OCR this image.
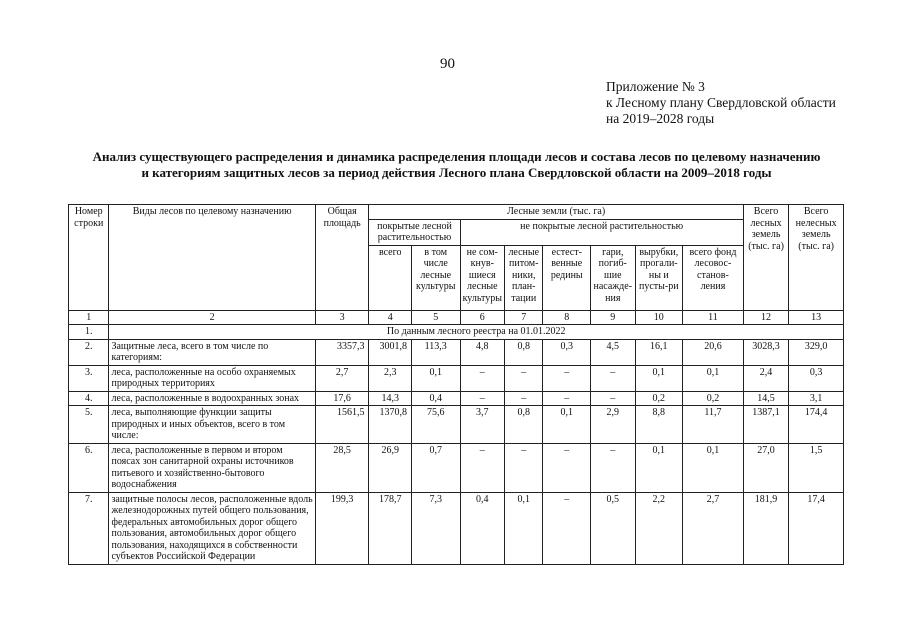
90
Приложение № 3
к Лесному плану Свердловской области
на 2019–2028 годы
Анализ существующего распределения и динамика распределения площади лесов и состава лесов по целевому назначению
и категориям защитных лесов за период действия Лесного плана Свердловской области на 2009–2018 годы
Номер строки	Виды лесов по целевому назначению	Общая площадь	Лесные земли (тыс. га)								Всего лесных земель (тыс. га)	Всего нелесных земель (тыс. га)
			покрытые лесной растительностью		не покрытые лесной растительностью							
			всего	в том числе лесные культуры	не сом-кнув-шиеся лесные культуры	лесные питом-ники, план-тации	естест-венные редины	гари, погиб-шие насажде-ния	вырубки, прогали-ны и пусты-ри	всего фонд лесовос-станов-ления		
1	2	3	4	5	6	7	8	9	10	11	12	13
1.	По данным лесного реестра на 01.01.2022											
2.	Защитные леса, всего в том числе по категориям:	3357,3	3001,8	113,3	4,8	0,8	0,3	4,5	16,1	20,6	3028,3	329,0
3.	леса, расположенные на особо охраняемых природных территориях	2,7	2,3	0,1	–	–	–	–	0,1	0,1	2,4	0,3
4.	леса, расположенные в водоохранных зонах	17,6	14,3	0,4	–	–	–	–	0,2	0,2	14,5	3,1
5.	леса, выполняющие функции защиты природных и иных объектов, всего в том числе:	1561,5	1370,8	75,6	3,7	0,8	0,1	2,9	8,8	11,7	1387,1	174,4
6.	леса, расположенные в первом и втором поясах зон санитарной охраны источников питьевого и хозяйственно-бытового водоснабжения	28,5	26,9	0,7	–	–	–	–	0,1	0,1	27,0	1,5
7.	защитные полосы лесов, расположенные вдоль железнодорожных путей общего пользования, федеральных автомобильных дорог общего пользования, автомобильных дорог общего пользования, находящихся в собственности субъектов Российской Федерации	199,3	178,7	7,3	0,4	0,1	–	0,5	2,2	2,7	181,9	17,4
